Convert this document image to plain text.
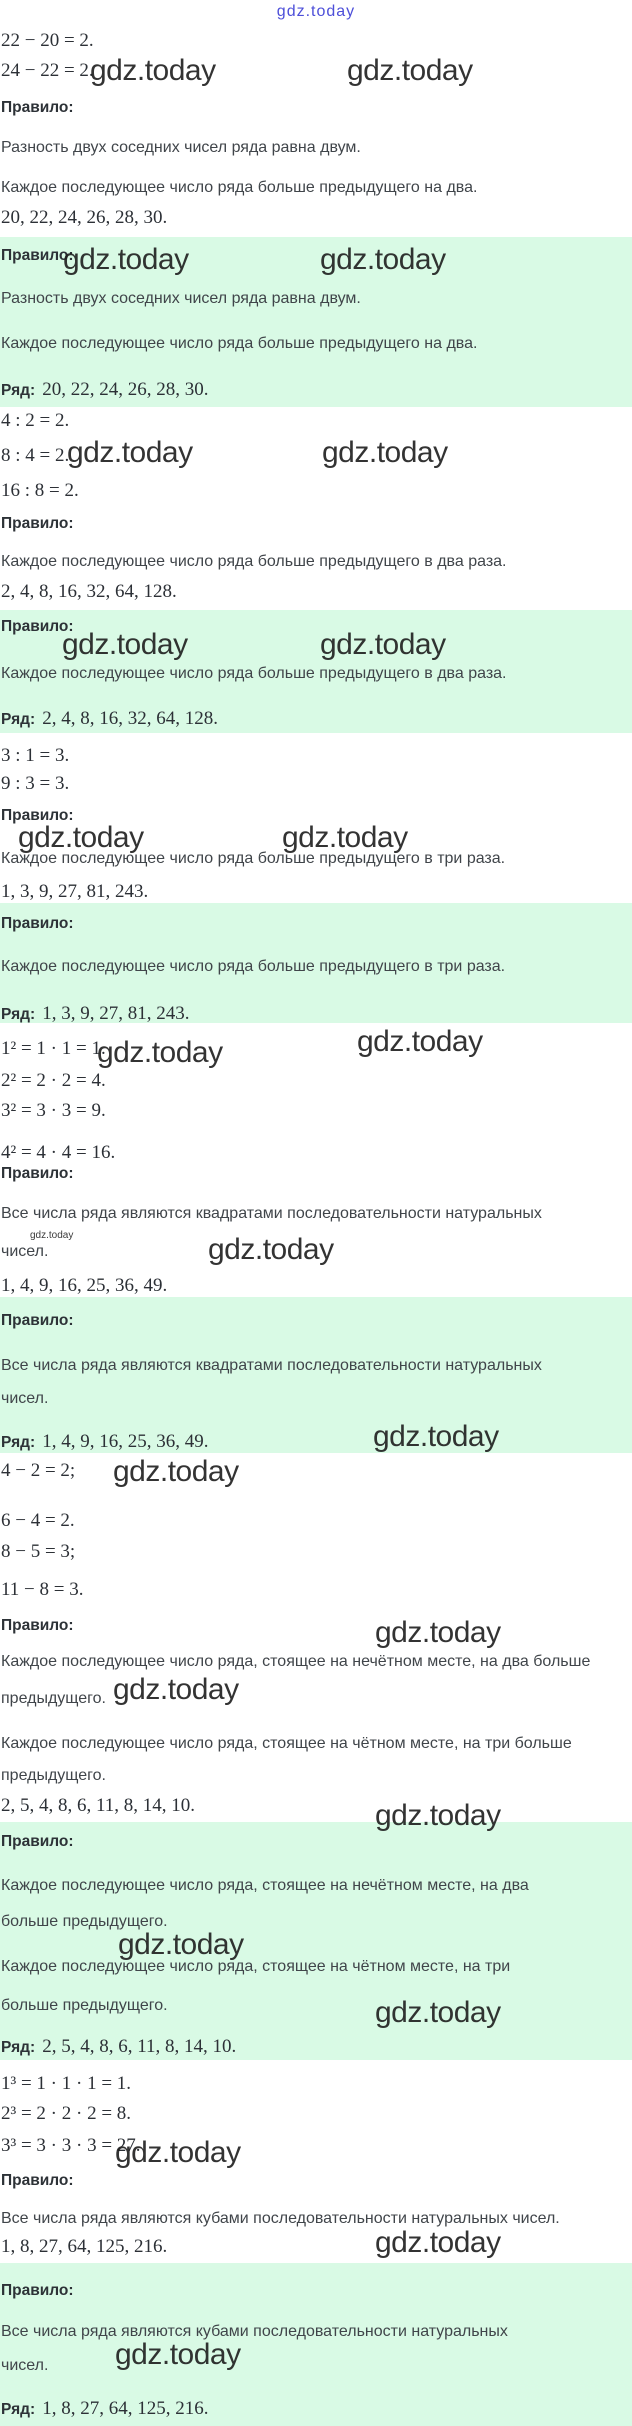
gdz.today
22 − 20 = 2.
24 − 22 = 2.
gdz.today	gdz.today
Правило:
Разность двух соседних чисел ряда равна двум.
Каждое последующее число ряда больше предыдущего на два.
20, 22, 24, 26, 28, 30.
Правило:
gdz.today	gdz.today
Разность двух соседних чисел ряда равна двум.
Каждое последующее число ряда больше предыдущего на два.
Ряд: 20, 22, 24, 26, 28, 30.
4 : 2 = 2.
8 : 4 = 2.
gdz.today	gdz.today
16 : 8 = 2.
Правило:
Каждое последующее число ряда больше предыдущего в два раза.
2, 4, 8, 16, 32, 64, 128.
Правило:
gdz.today	gdz.today
Каждое последующее число ряда больше предыдущего в два раза.
Ряд: 2, 4, 8, 16, 32, 64, 128.
3 : 1 = 3.
9 : 3 = 3.
Правило:
gdz.today	gdz.today
Каждое последующее число ряда больше предыдущего в три раза.
1, 3, 9, 27, 81, 243.
Правило:
Каждое последующее число ряда больше предыдущего в три раза.
Ряд: 1, 3, 9, 27, 81, 243.
1² = 1 · 1 = 1.
gdz.today	gdz.today
2² = 2 · 2 = 4.
3² = 3 · 3 = 9.
4² = 4 · 4 = 16.
Правило:
Все числа ряда являются квадратами последовательности натуральных
gdz.today
чисел.	gdz.today
1, 4, 9, 16, 25, 36, 49.
Правило:
Все числа ряда являются квадратами последовательности натуральных
чисел.
gdz.today
Ряд: 1, 4, 9, 16, 25, 36, 49.
4 − 2 = 2; gdz.today
6 − 4 = 2.
8 − 5 = 3;
11 − 8 = 3.
Правило:	gdz.today
Каждое последующее число ряда, стоящее на нечётном месте, на два больше
gdz.today
предыдущего.
Каждое последующее число ряда, стоящее на чётном месте, на три больше
предыдущего.
2, 5, 4, 8, 6, 11, 8, 14, 10.	gdz.today
Правило:
Каждое последующее число ряда, стоящее на нечётном месте, на два
больше предыдущего.
gdz.today
Каждое последующее число ряда, стоящее на чётном месте, на три
больше предыдущего.	gdz.today
Ряд: 2, 5, 4, 8, 6, 11, 8, 14, 10.
1³ = 1 · 1 · 1 = 1.
2³ = 2 · 2 · 2 = 8.
3³ = 3 · 3 · 3 = 27.
gdz.today
Правило:
Все числа ряда являются кубами последовательности натуральных чисел.
1, 8, 27, 64, 125, 216.	gdz.today
Правило:
Все числа ряда являются кубами последовательности натуральных
gdz.today
чисел.
Ряд: 1, 8, 27, 64, 125, 216.
